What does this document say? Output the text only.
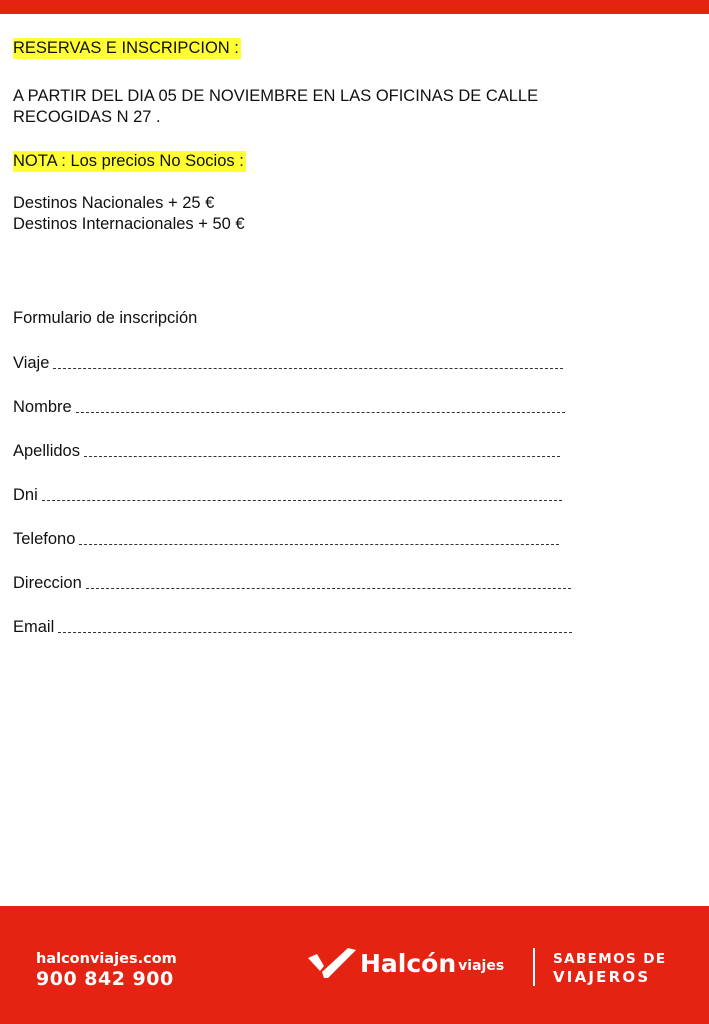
RESERVAS E INSCRIPCION :

A PARTIR DEL DIA 05 DE NOVIEMBRE EN LAS OFICINAS DE CALLE
RECOGIDAS N 27 .

NOTA : Los precios No Socios :

Destinos Nacionales + 25 €
Destinos Internacionales + 50 €

Formulario de inscripción

Viaje
Nombre
Apellidos
Dni
Telefono
Direccion
Email
halconviajes.com
900 842 900
Halcón viajes	SABEMOS DE
VIAJEROS
